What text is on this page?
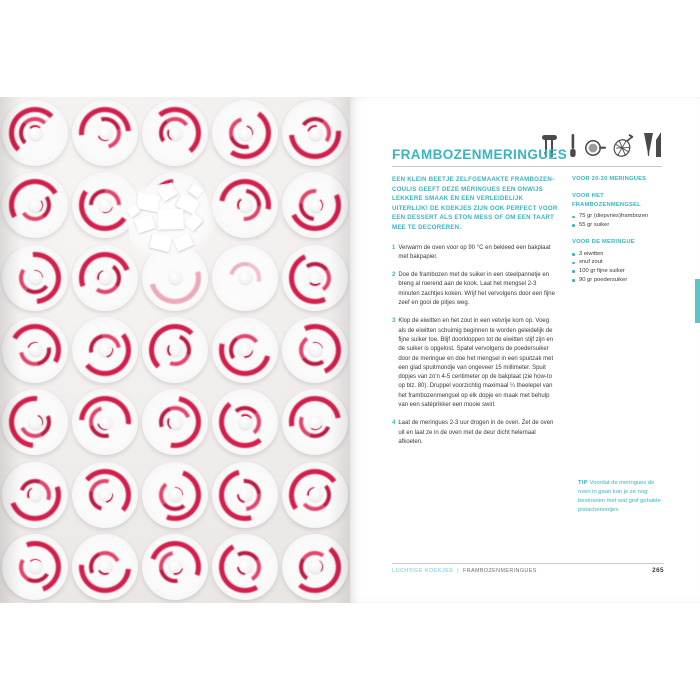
FRAMBOZENMERINGUES
EEN KLEIN BEETJE ZELFGEMAAKTE FRAMBOZEN-COULIS GEEFT DEZE MERINGUES EEN ONWIJS LEKKERE SMAAK EN EEN VERLEIDELIJK UITERLIJK! DE KOEKJES ZIJN OOK PERFECT VOOR EEN DESSERT ALS ETON MESS OF OM EEN TAART MEE TE DECOREREN.
1 Verwarm de oven voor op 90 °C en bekleed een bakplaat met bakpapier.
2 Doe de frambozen met de suiker in een steelpannetje en breng al roerend aan de kook. Laat het mengsel 2-3 minuten zachtjes koken. Wrijf het vervolgens door een fijne zeef en gooi de pitjes weg.
3 Klop de eiwitten en het zout in een vetvrije kom op. Voeg als de eiwitten schuimig beginnen te worden geleidelijk de fijne suiker toe. Blijf doorkloppen tot de eiwitten stijf zijn en de suiker is opgelost. Spatel vervolgens de poedersuiker door de meringue en doe het mengsel in een spuitzak met een glad spuitmondje van ongeveer 15 millimeter. Spuit dopjes van zo'n 4-5 centimeter op de bakplaat (zie how-to op blz. 80). Druppel voorzichtig maximaal ¼ theelepel van het frambozenmengsel op elk dopje en maak met behulp van een satéprikker een mooie swirl.
4 Laat de meringues 2-3 uur drogen in de oven. Zet de oven uit en laat ze in de oven met de deur dicht helemaal afkoelen.
VOOR 20-30 MERINGUES
VOOR HET FRAMBOZENMENGSEL
75 gr (diepvries)frambozen
55 gr suiker
VOOR DE MERINGUE
3 eiwitten
snuf zout
100 gr fijne suiker
90 gr poedersuiker
TIP Voordat de meringues de oven in gaan kun je ze nog bestrooien met wat grof gehakte pistachenootjes.
LUCHTIGE KOEKJES | FRAMBOZENMERINGUES	265
